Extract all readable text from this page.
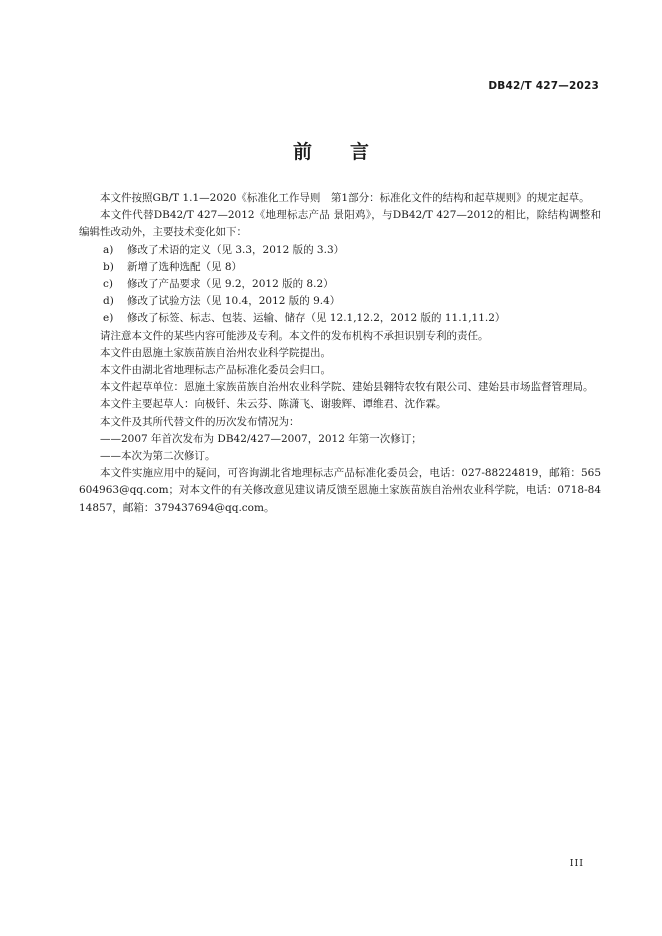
DB42/T 427—2023
前 言

本文件按照GB/T 1.1—2020《标准化工作导则　第1部分：标准化文件的结构和起草规则》的规定起草。

本文件代替DB42/T 427—2012《地理标志产品 景阳鸡》，与DB42/T 427—2012的相比，除结构调整和编辑性改动外，主要技术变化如下：

a)	修改了术语的定义（见 3.3，2012 版的 3.3）
b)	新增了选种选配（见 8）
c)	修改了产品要求（见 9.2，2012 版的 8.2）
d)	修改了试验方法（见 10.4，2012 版的 9.4）
e)	修改了标签、标志、包装、运输、储存（见 12.1,12.2，2012 版的 11.1,11.2）

请注意本文件的某些内容可能涉及专利。本文件的发布机构不承担识别专利的责任。

本文件由恩施土家族苗族自治州农业科学院提出。

本文件由湖北省地理标志产品标准化委员会归口。

本文件起草单位：恩施土家族苗族自治州农业科学院、建始县翱特农牧有限公司、建始县市场监督管理局。

本文件主要起草人：向极钎、朱云芬、陈潇飞、谢骏辉、谭维君、沈作霖。

本文件及其所代替文件的历次发布情况为：

——2007 年首次发布为 DB42/427—2007，2012 年第一次修订；

——本次为第二次修订。

本文件实施应用中的疑问，可咨询湖北省地理标志产品标准化委员会，电话：027-88224819，邮箱：565604963@qq.com；对本文件的有关修改意见建议请反馈至恩施土家族苗族自治州农业科学院，电话：0718-8414857，邮箱：379437694@qq.com。

III
